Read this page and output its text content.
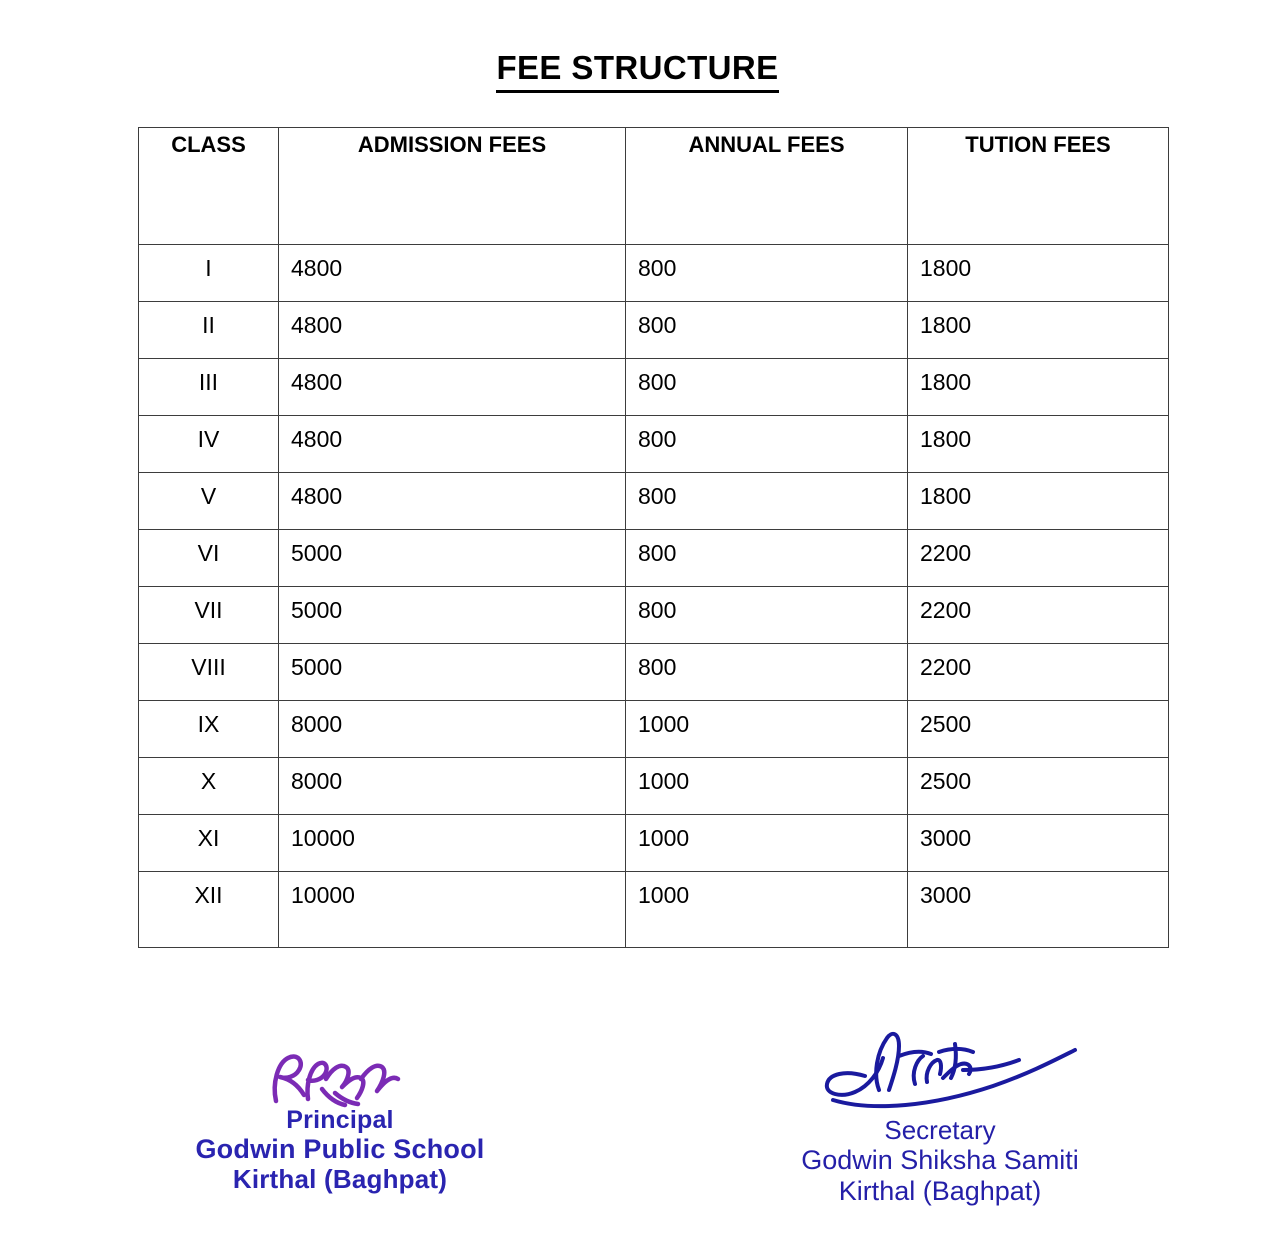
FEE STRUCTURE
CLASS	ADMISSION FEES	ANNUAL FEES	TUTION FEES

I	4800	800	1800

II	4800	800	1800

III	4800	800	1800

IV	4800	800	1800

V	4800	800	1800

VI	5000	800	2200

VII	5000	800	2200

VIII	5000	800	2200

IX	8000	1000	2500

X	8000	1000	2500

XI	10000	1000	3000

XII	10000	1000	3000
Principal
Godwin Public School
Kirthal (Baghpat)
Secretary
Godwin Shiksha Samiti
Kirthal (Baghpat)
